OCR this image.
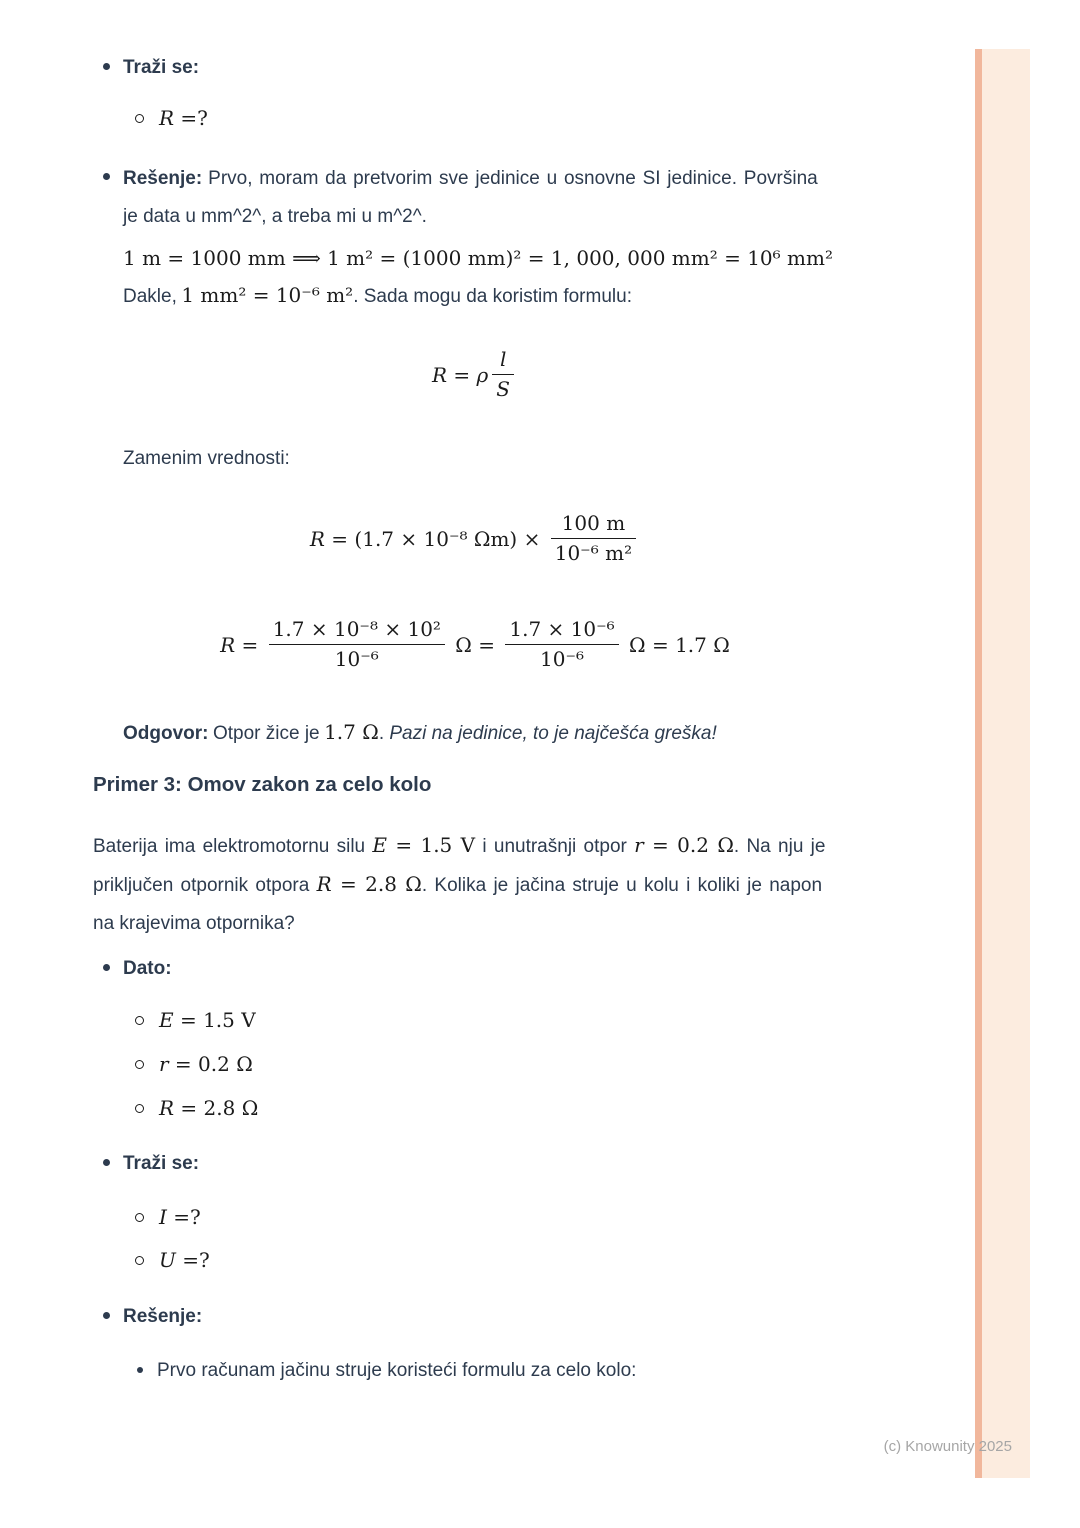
Traži se:
R =?
Rešenje: Prvo, moram da pretvorim sve jedinice u osnovne SI jedinice. Površina
je data u mm^2^, a treba mi u m^2^.
1 m = 1000 mm ⟹ 1 m² = (1000 mm)² = 1, 000, 000 mm² = 10⁶ mm²
Dakle, 1 mm² = 10⁻⁶ m². Sada mogu da koristim formulu:
R = ρ $\frac{l}{S}$
Zamenim vrednosti:
R = (1.7 × 10⁻⁸ $\Omega m) \times \frac{100 m}{\text{10⁻⁶ m²}}$
$R = \frac{\text{1.7 × 10⁻⁸ × 10²}}{\text{10⁻⁶}}$ $\Omega = \frac{\text{1.7 × 10⁻⁶}}{\text{10⁻⁶}}$ Ω = 1.7 Ω
Odgovor: Otpor žice je 1.7 Ω. Pazi na jedinice, to je najčešća greška!
Primer 3: Omov zakon za celo kolo
Baterija ima elektromotornu silu E = 1.5 V i unutrašnji otpor r = 0.2 Ω. Na nju je
priključen otpornik otpora R = 2.8 Ω. Kolika je jačina struje u kolu i koliki je napon
na krajevima otpornika?
Dato:
E = 1.5 V
r = 0.2 Ω
R = 2.8 Ω
Traži se:
I =?
U =?
Rešenje:
Prvo računam jačinu struje koristeći formulu za celo kolo:
(c) Knowunity 2025
